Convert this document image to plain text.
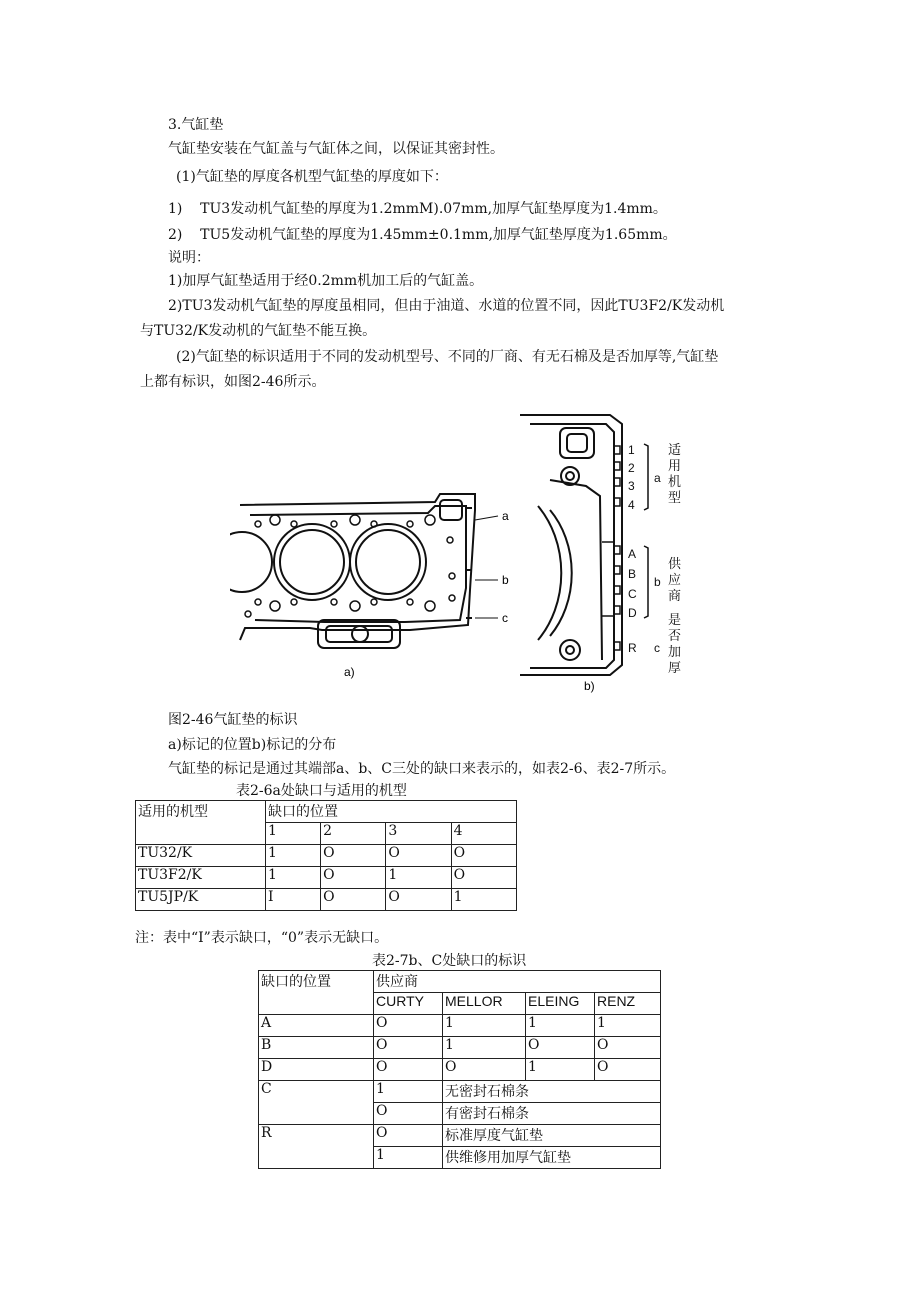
3.气缸垫
气缸垫安装在气缸盖与气缸体之间，以保证其密封性。
(1)气缸垫的厚度各机型气缸垫的厚度如下：
1)    TU3发动机气缸垫的厚度为1.2mmM).07mm,加厚气缸垫厚度为1.4mm。
2)    TU5发动机气缸垫的厚度为1.45mm±0.1mm,加厚气缸垫厚度为1.65mm。
说明：
1)加厚气缸垫适用于经0.2mm机加工后的气缸盖。
2)TU3发动机气缸垫的厚度虽相同，但由于油道、水道的位置不同，因此TU3F2/K发动机
与TU32/K发动机的气缸垫不能互换。
(2)气缸垫的标识适用于不同的发动机型号、不同的厂商、有无石棉及是否加厚等,气缸垫
上都有标识，如图2-46所示。
a
b
c
a)
1
2
3
4
A
B
C
D
R
a
b
c
适
用
机
型
供
应
商
是
否
加
厚
b)
图2-46气缸垫的标识
a)标记的位置b)标记的分布
气缸垫的标记是通过其端部a、b、C三处的缺口来表示的，如表2-6、表2-7所示。
表2-6a处缺口与适用的机型
适用的机型	缺口的位置			
	1	2	3	4
TU32/K	1	O	O	O
TU3F2/K	1	O	1	O
TU5JP/K	I	O	O	1
注：表中“I”表示缺口，“0”表示无缺口。
表2-7b、C处缺口的标识
缺口的位置	供应商			
	CURTY	MELLOR	ELEING	RENZ
A	O	1	1	1
B	O	1	O	O
D	O	O	1	O
C	1	无密封石棉条		
	O	有密封石棉条		
R	O	标准厚度气缸垫		
	1	供维修用加厚气缸垫		
